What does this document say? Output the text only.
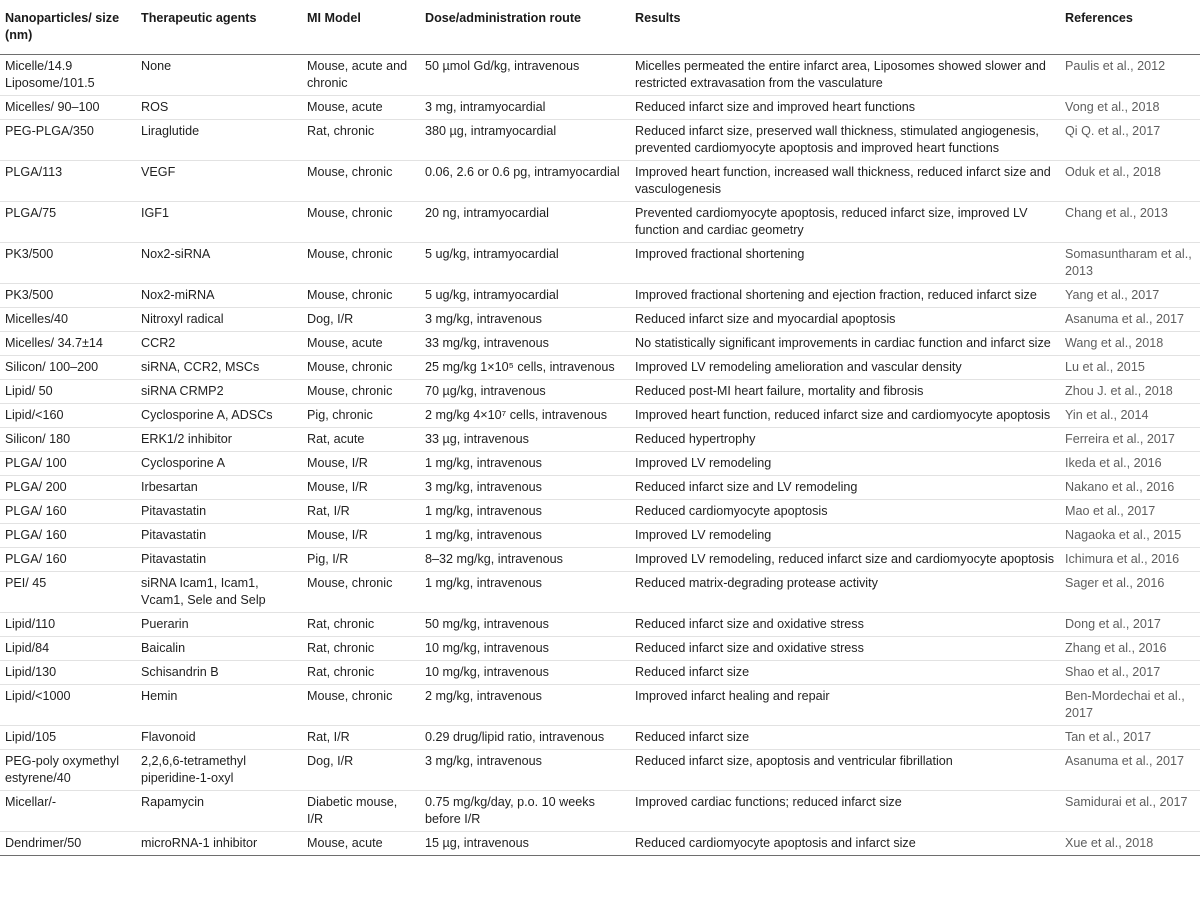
Nanoparticles/ size (nm)	Therapeutic agents	MI Model	Dose/administration route	Results	References
Micelle/14.9 Liposome/101.5	None	Mouse, acute and chronic	50 µmol Gd/kg, intravenous	Micelles permeated the entire infarct area, Liposomes showed slower and restricted extravasation from the vasculature	Paulis et al., 2012
Micelles/ 90–100	ROS	Mouse, acute	3 mg, intramyocardial	Reduced infarct size and improved heart functions	Vong et al., 2018
PEG-PLGA/350	Liraglutide	Rat, chronic	380 µg, intramyocardial	Reduced infarct size, preserved wall thickness, stimulated angiogenesis, prevented cardiomyocyte apoptosis and improved heart functions	Qi Q. et al., 2017
PLGA/113	VEGF	Mouse, chronic	0.06, 2.6 or 0.6 pg, intramyocardial	Improved heart function, increased wall thickness, reduced infarct size and vasculogenesis	Oduk et al., 2018
PLGA/75	IGF1	Mouse, chronic	20 ng, intramyocardial	Prevented cardiomyocyte apoptosis, reduced infarct size, improved LV function and cardiac geometry	Chang et al., 2013
PK3/500	Nox2-siRNA	Mouse, chronic	5 ug/kg, intramyocardial	Improved fractional shortening	Somasuntharam et al., 2013
PK3/500	Nox2-miRNA	Mouse, chronic	5 ug/kg, intramyocardial	Improved fractional shortening and ejection fraction, reduced infarct size	Yang et al., 2017
Micelles/40	Nitroxyl radical	Dog, I/R	3 mg/kg, intravenous	Reduced infarct size and myocardial apoptosis	Asanuma et al., 2017
Micelles/ 34.7±14	CCR2	Mouse, acute	33 mg/kg, intravenous	No statistically significant improvements in cardiac function and infarct size	Wang et al., 2018
Silicon/ 100–200	siRNA, CCR2, MSCs	Mouse, chronic	25 mg/kg 1×10⁵ cells, intravenous	Improved LV remodeling amelioration and vascular density	Lu et al., 2015
Lipid/ 50	siRNA CRMP2	Mouse, chronic	70 µg/kg, intravenous	Reduced post-MI heart failure, mortality and fibrosis	Zhou J. et al., 2018
Lipid/<160	Cyclosporine A, ADSCs	Pig, chronic	2 mg/kg 4×10⁷ cells, intravenous	Improved heart function, reduced infarct size and cardiomyocyte apoptosis	Yin et al., 2014
Silicon/ 180	ERK1/2 inhibitor	Rat, acute	33 µg, intravenous	Reduced hypertrophy	Ferreira et al., 2017
PLGA/ 100	Cyclosporine A	Mouse, I/R	1 mg/kg, intravenous	Improved LV remodeling	Ikeda et al., 2016
PLGA/ 200	Irbesartan	Mouse, I/R	3 mg/kg, intravenous	Reduced infarct size and LV remodeling	Nakano et al., 2016
PLGA/ 160	Pitavastatin	Rat, I/R	1 mg/kg, intravenous	Reduced cardiomyocyte apoptosis	Mao et al., 2017
PLGA/ 160	Pitavastatin	Mouse, I/R	1 mg/kg, intravenous	Improved LV remodeling	Nagaoka et al., 2015
PLGA/ 160	Pitavastatin	Pig, I/R	8–32 mg/kg, intravenous	Improved LV remodeling, reduced infarct size and cardiomyocyte apoptosis	Ichimura et al., 2016
PEI/ 45	siRNA Icam1, Icam1, Vcam1, Sele and Selp	Mouse, chronic	1 mg/kg, intravenous	Reduced matrix-degrading protease activity	Sager et al., 2016
Lipid/110	Puerarin	Rat, chronic	50 mg/kg, intravenous	Reduced infarct size and oxidative stress	Dong et al., 2017
Lipid/84	Baicalin	Rat, chronic	10 mg/kg, intravenous	Reduced infarct size and oxidative stress	Zhang et al., 2016
Lipid/130	Schisandrin B	Rat, chronic	10 mg/kg, intravenous	Reduced infarct size	Shao et al., 2017
Lipid/<1000	Hemin	Mouse, chronic	2 mg/kg, intravenous	Improved infarct healing and repair	Ben-Mordechai et al., 2017
Lipid/105	Flavonoid	Rat, I/R	0.29 drug/lipid ratio, intravenous	Reduced infarct size	Tan et al., 2017
PEG-poly oxymethyl estyrene/40	2,2,6,6-tetramethyl piperidine-1-oxyl	Dog, I/R	3 mg/kg, intravenous	Reduced infarct size, apoptosis and ventricular fibrillation	Asanuma et al., 2017
Micellar/-	Rapamycin	Diabetic mouse, I/R	0.75 mg/kg/day, p.o. 10 weeks before I/R	Improved cardiac functions; reduced infarct size	Samidurai et al., 2017
Dendrimer/50	microRNA-1 inhibitor	Mouse, acute	15 µg, intravenous	Reduced cardiomyocyte apoptosis and infarct size	Xue et al., 2018
